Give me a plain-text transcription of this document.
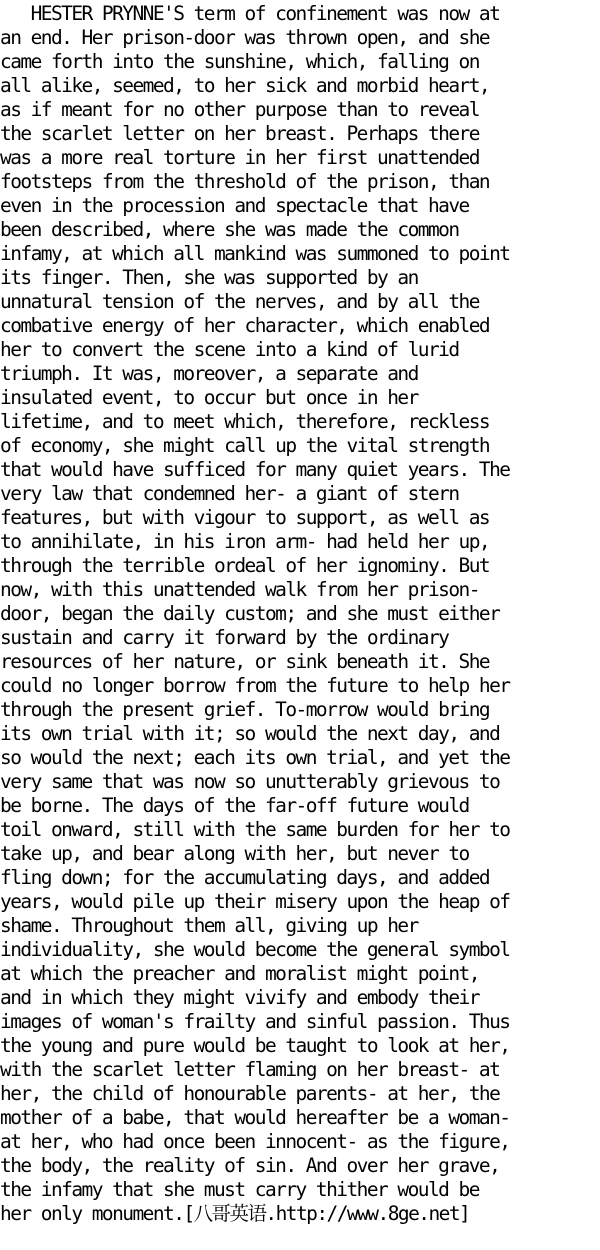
HESTER PRYNNE'S term of confinement was now at
an end. Her prison-door was thrown open, and she
came forth into the sunshine, which, falling on
all alike, seemed, to her sick and morbid heart,
as if meant for no other purpose than to reveal
the scarlet letter on her breast. Perhaps there
was a more real torture in her first unattended
footsteps from the threshold of the prison, than
even in the procession and spectacle that have
been described, where she was made the common
infamy, at which all mankind was summoned to point
its finger. Then, she was supported by an
unnatural tension of the nerves, and by all the
combative energy of her character, which enabled
her to convert the scene into a kind of lurid
triumph. It was, moreover, a separate and
insulated event, to occur but once in her
lifetime, and to meet which, therefore, reckless
of economy, she might call up the vital strength
that would have sufficed for many quiet years. The
very law that condemned her- a giant of stern
features, but with vigour to support, as well as
to annihilate, in his iron arm- had held her up,
through the terrible ordeal of her ignominy. But
now, with this unattended walk from her prison-
door, began the daily custom; and she must either
sustain and carry it forward by the ordinary
resources of her nature, or sink beneath it. She
could no longer borrow from the future to help her
through the present grief. To-morrow would bring
its own trial with it; so would the next day, and
so would the next; each its own trial, and yet the
very same that was now so unutterably grievous to
be borne. The days of the far-off future would
toil onward, still with the same burden for her to
take up, and bear along with her, but never to
fling down; for the accumulating days, and added
years, would pile up their misery upon the heap of
shame. Throughout them all, giving up her
individuality, she would become the general symbol
at which the preacher and moralist might point,
and in which they might vivify and embody their
images of woman's frailty and sinful passion. Thus
the young and pure would be taught to look at her,
with the scarlet letter flaming on her breast- at
her, the child of honourable parents- at her, the
mother of a babe, that would hereafter be a woman-
at her, who had once been innocent- as the figure,
the body, the reality of sin. And over her grave,
the infamy that she must carry thither would be
her only monument.[八哥英语.http://www.8ge.net]
